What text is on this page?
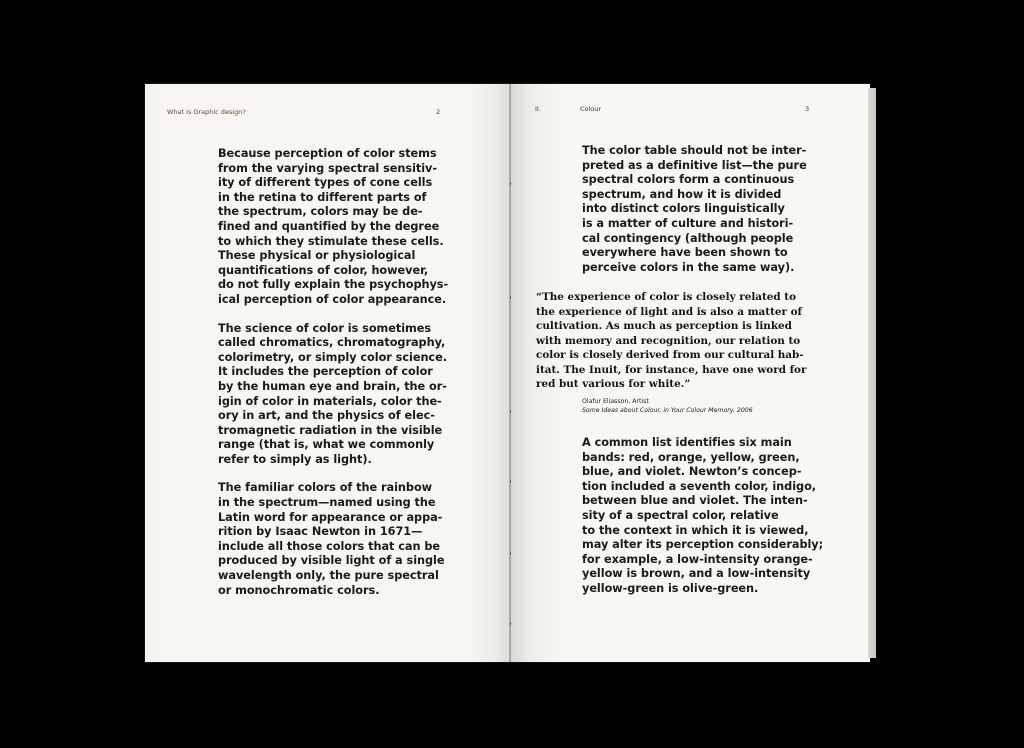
What is Graphic design?	2

Because perception of color stems
from the varying spectral sensitiv-
ity of different types of cone cells
in the retina to different parts of
the spectrum, colors may be de-
fined and quantified by the degree
to which they stimulate these cells.
These physical or physiological
quantifications of color, however,
do not fully explain the psychophys-
ical perception of color appearance.

The science of color is sometimes
called chromatics, chromatography,
colorimetry, or simply color science.
It includes the perception of color
by the human eye and brain, the or-
igin of color in materials, color the-
ory in art, and the physics of elec-
tromagnetic radiation in the visible
range (that is, what we commonly
refer to simply as light).

The familiar colors of the rainbow
in the spectrum—named using the
Latin word for appearance or appa-
rition by Isaac Newton in 1671—
include all those colors that can be
produced by visible light of a single
wavelength only, the pure spectral
or monochromatic colors.

II.	Colour	3

The color table should not be inter-
preted as a definitive list—the pure
spectral colors form a continuous
spectrum, and how it is divided
into distinct colors linguistically
is a matter of culture and histori-
cal contingency (although people
everywhere have been shown to
perceive colors in the same way).

“The experience of color is closely related to
the experience of light and is also a matter of
cultivation. As much as perception is linked
with memory and recognition, our relation to
color is closely derived from our cultural hab-
itat. The Inuit, for instance, have one word for
red but various for white.”
Olafur Eliasson, Artist
Some Ideas about Colour, in Your Colour Memory, 2006

A common list identifies six main
bands: red, orange, yellow, green,
blue, and violet. Newton’s concep-
tion included a seventh color, indigo,
between blue and violet. The inten-
sity of a spectral color, relative
to the context in which it is viewed,
may alter its perception considerably;
for example, a low-intensity orange-
yellow is brown, and a low-intensity
yellow-green is olive-green.
